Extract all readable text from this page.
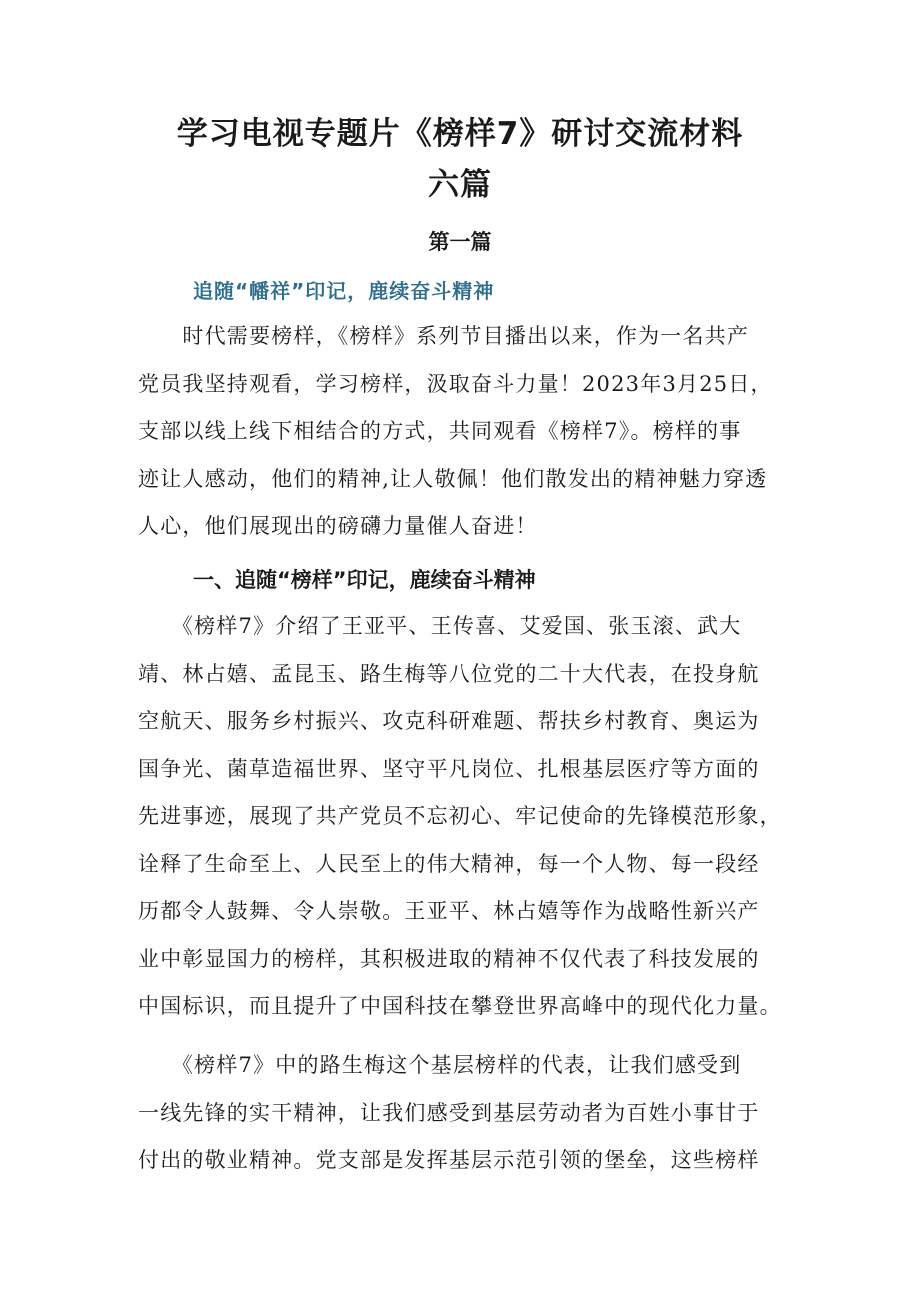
学习电视专题片《榜样7》研讨交流材料
六篇
第一篇
追随“幡祥”印记，鹿续奋斗精神
　　时代需要榜样，《榜样》系列节目播出以来，作为一名共产
党员我坚持观看，学习榜样，汲取奋斗力量！2023年3月25日，
支部以线上线下相结合的方式，共同观看《榜样7》。榜样的事
迹让人感动，他们的精神,让人敬佩！他们散发出的精神魅力穿透
人心，他们展现出的磅礴力量催人奋进！
一、追随“榜样”印记，鹿续奋斗精神
　　《榜样7》介绍了王亚平、王传喜、艾爱国、张玉滚、武大
靖、林占嬉、孟昆玉、路生梅等八位党的二十大代表，在投身航
空航天、服务乡村振兴、攻克科研难题、帮扶乡村教育、奥运为
国争光、菌草造福世界、坚守平凡岗位、扎根基层医疗等方面的
先进事迹，展现了共产党员不忘初心、牢记使命的先锋模范形象，
诠释了生命至上、人民至上的伟大精神，每一个人物、每一段经
历都令人鼓舞、令人崇敬。王亚平、林占嬉等作为战略性新兴产
业中彰显国力的榜样，其积极进取的精神不仅代表了科技发展的
中国标识，而且提升了中国科技在攀登世界高峰中的现代化力量。
　　《榜样7》中的路生梅这个基层榜样的代表，让我们感受到
一线先锋的实干精神，让我们感受到基层劳动者为百姓小事甘于
付出的敬业精神。党支部是发挥基层示范引领的堡垒，这些榜样
